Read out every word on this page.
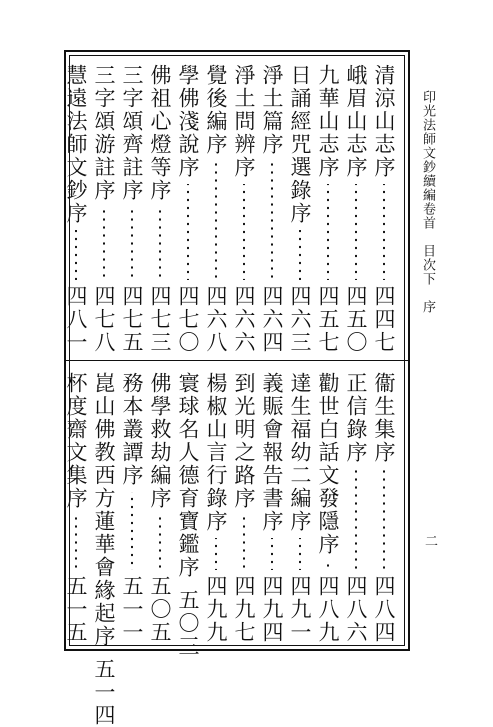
印光法師文鈔續編卷首
目次下
序
清涼山志序
四四七
峨眉山志序
四五〇
九華山志序
四五七
日誦經咒選錄序
四六三
淨土篇序
四六四
淨土問辨序
四六六
覺後編序
四六八
學佛淺說序
四七〇
佛祖心燈等序
四七三
三字頌齊註序
四七五
三字頌游註序
四七八
慧遠法師文鈔序
四八一
衞生集序
四八四
正信錄序
四八六
勸世白話文發隱序
四八九
達生福幼二編序
四九一
義賑會報告書序
四九四
到光明之路序
四九七
楊椒山言行錄序
四九九
寰球名人德育寶鑑序
五〇三
佛學救劫編序
五〇五
務本叢譚序
五一一
崑山佛教西方蓮華會緣起序
五一四
杯度齋文集序
五一五
二
